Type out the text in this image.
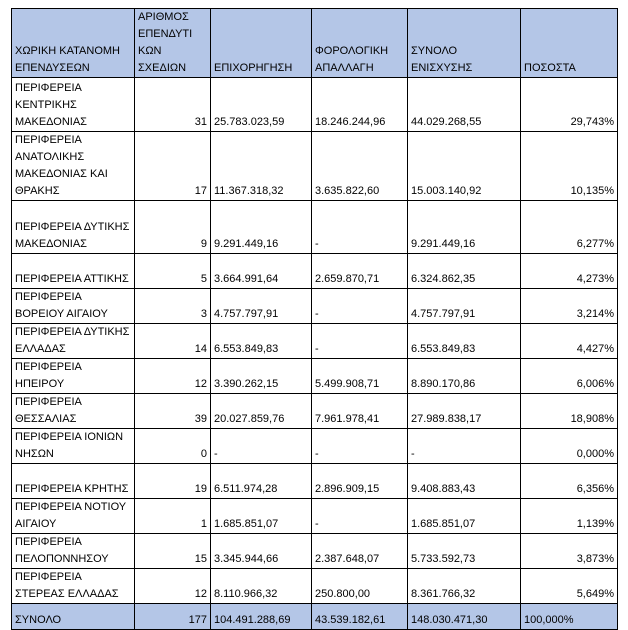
ΧΩΡΙΚΗ ΚΑΤΑΝΟΜΗ ΕΠΕΝΔΥΣΕΩΝ	ΑΡΙΘΜΟΣ ΕΠΕΝΔΥΤΙ ΚΩΝ ΣΧΕΔΙΩΝ	ΕΠΙΧΟΡΗΓΗΣΗ	ΦΟΡΟΛΟΓΙΚΗ ΑΠΑΛΛΑΓΗ	ΣΥΝΟΛΟ ΕΝΙΣΧΥΣΗΣ	ΠΟΣΟΣΤΑ
ΠΕΡΙΦΕΡΕΙΑ ΚΕΝΤΡΙΚΗΣ ΜΑΚΕΔΟΝΙΑΣ	31	25.783.023,59	18.246.244,96	44.029.268,55	29,743%
ΠΕΡΙΦΕΡΕΙΑ ΑΝΑΤΟΛΙΚΗΣ ΜΑΚΕΔΟΝΙΑΣ ΚΑΙ ΘΡΑΚΗΣ	17	11.367.318,32	3.635.822,60	15.003.140,92	10,135%
ΠΕΡΙΦΕΡΕΙΑ ΔΥΤΙΚΗΣ ΜΑΚΕΔΟΝΙΑΣ	9	9.291.449,16	-	9.291.449,16	6,277%
ΠΕΡΙΦΕΡΕΙΑ ΑΤΤΙΚΗΣ	5	3.664.991,64	2.659.870,71	6.324.862,35	4,273%
ΠΕΡΙΦΕΡΕΙΑ ΒΟΡΕΙΟΥ ΑΙΓΑΙΟΥ	3	4.757.797,91	-	4.757.797,91	3,214%
ΠΕΡΙΦΕΡΕΙΑ ΔΥΤΙΚΗΣ ΕΛΛΑΔΑΣ	14	6.553.849,83	-	6.553.849,83	4,427%
ΠΕΡΙΦΕΡΕΙΑ ΗΠΕΙΡΟΥ	12	3.390.262,15	5.499.908,71	8.890.170,86	6,006%
ΠΕΡΙΦΕΡΕΙΑ ΘΕΣΣΑΛΙΑΣ	39	20.027.859,76	7.961.978,41	27.989.838,17	18,908%
ΠΕΡΙΦΕΡΕΙΑ ΙΟΝΙΩΝ ΝΗΣΩΝ	0	-	-	-	0,000%
ΠΕΡΙΦΕΡΕΙΑ ΚΡΗΤΗΣ	19	6.511.974,28	2.896.909,15	9.408.883,43	6,356%
ΠΕΡΙΦΕΡΕΙΑ ΝΟΤΙΟΥ ΑΙΓΑΙΟΥ	1	1.685.851,07	-	1.685.851,07	1,139%
ΠΕΡΙΦΕΡΕΙΑ ΠΕΛΟΠΟΝΝΗΣΟΥ	15	3.345.944,66	2.387.648,07	5.733.592,73	3,873%
ΠΕΡΙΦΕΡΕΙΑ ΣΤΕΡΕΑΣ ΕΛΛΑΔΑΣ	12	8.110.966,32	250.800,00	8.361.766,32	5,649%
ΣΥΝΟΛΟ	177	104.491.288,69	43.539.182,61	148.030.471,30	100,000%
